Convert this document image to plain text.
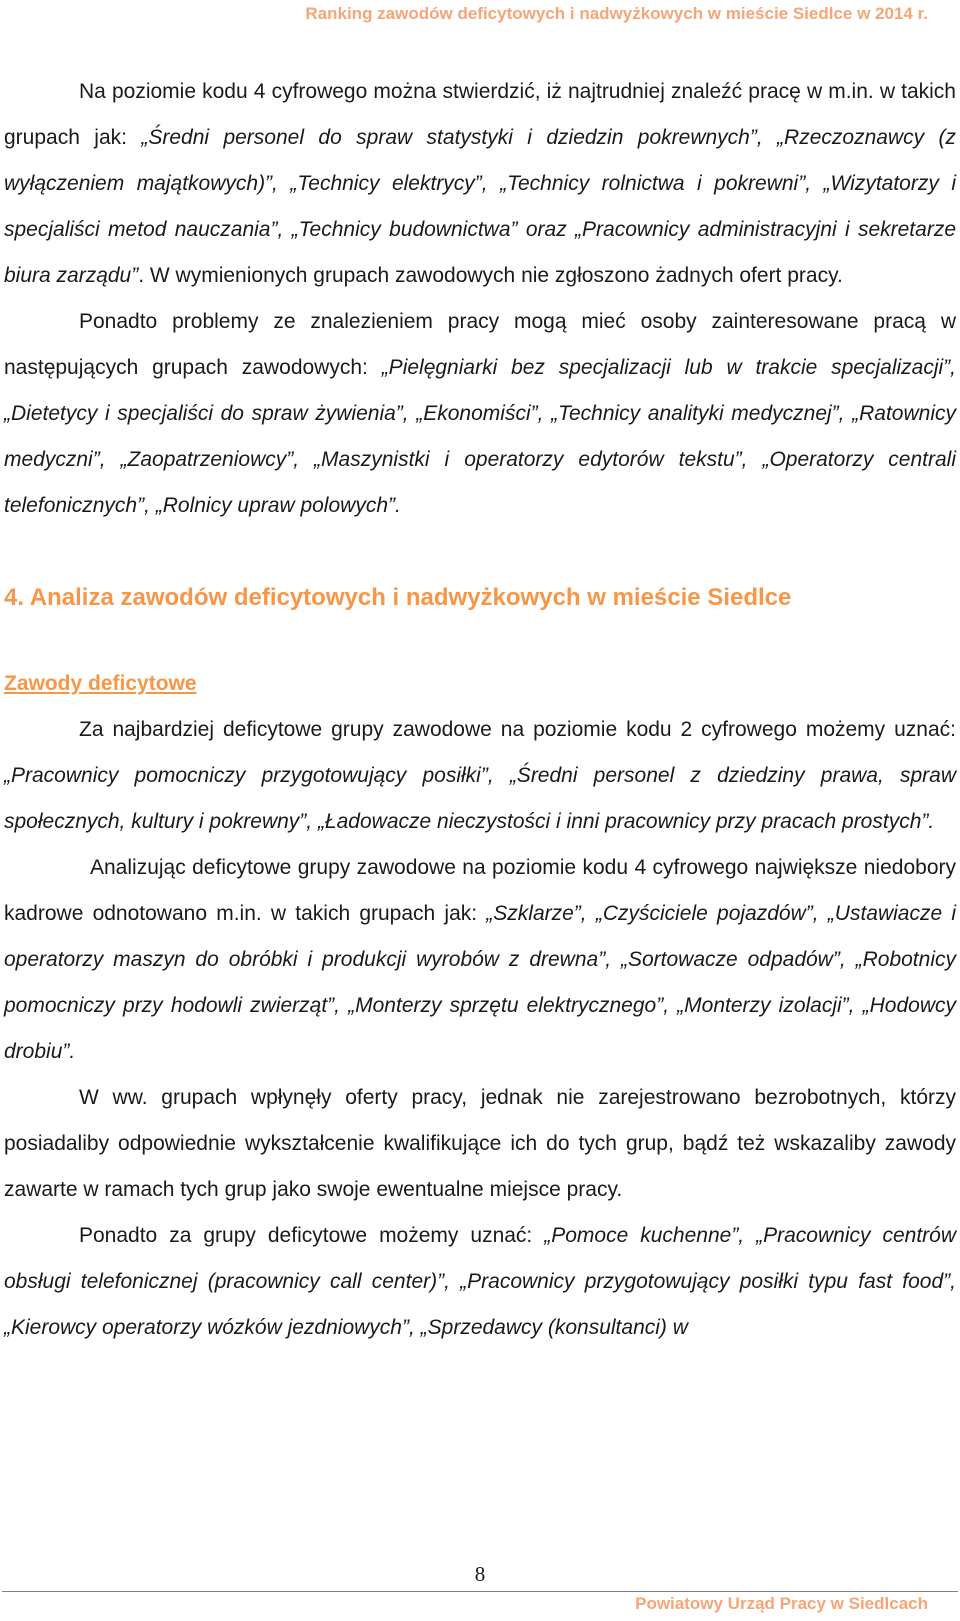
Ranking zawodów deficytowych i nadwyżkowych w mieście Siedlce w 2014 r.

Na poziomie kodu 4 cyfrowego można stwierdzić, iż najtrudniej znaleźć pracę w m.in. w takich grupach jak: „Średni personel do spraw statystyki i dziedzin pokrewnych”, „Rzeczoznawcy (z wyłączeniem majątkowych)”, „Technicy elektrycy”, „Technicy rolnictwa i pokrewni”, „Wizytatorzy i specjaliści metod nauczania”, „Technicy budownictwa” oraz „Pracownicy administracyjni i sekretarze biura zarządu”. W wymienionych grupach zawodowych nie zgłoszono żadnych ofert pracy.

Ponadto problemy ze znalezieniem pracy mogą mieć osoby zainteresowane pracą w następujących grupach zawodowych: „Pielęgniarki bez specjalizacji lub w trakcie specjalizacji”, „Dietetycy i specjaliści do spraw żywienia”, „Ekonomiści”, „Technicy analityki medycznej”, „Ratownicy medyczni”, „Zaopatrzeniowcy”, „Maszynistki i operatorzy edytorów tekstu”, „Operatorzy centrali telefonicznych”, „Rolnicy upraw polowych”.

4. Analiza zawodów deficytowych i nadwyżkowych w mieście Siedlce

Zawody deficytowe

Za najbardziej deficytowe grupy zawodowe na poziomie kodu 2 cyfrowego możemy uznać: „Pracownicy pomocniczy przygotowujący posiłki”, „Średni personel z dziedziny prawa, spraw społecznych, kultury i pokrewny”, „Ładowacze nieczystości i inni pracownicy przy pracach prostych”.

Analizując deficytowe grupy zawodowe na poziomie kodu 4 cyfrowego największe niedobory kadrowe odnotowano m.in. w takich grupach jak: „Szklarze”, „Czyściciele pojazdów”, „Ustawiacze i operatorzy maszyn do obróbki i produkcji wyrobów z drewna”, „Sortowacze odpadów”, „Robotnicy pomocniczy przy hodowli zwierząt”, „Monterzy sprzętu elektrycznego”, „Monterzy izolacji”, „Hodowcy drobiu”.

W ww. grupach wpłynęły oferty pracy, jednak nie zarejestrowano bezrobotnych, którzy posiadaliby odpowiednie wykształcenie kwalifikujące ich do tych grup, bądź też wskazaliby zawody zawarte w ramach tych grup jako swoje ewentualne miejsce pracy.

Ponadto za grupy deficytowe możemy uznać: „Pomoce kuchenne”, „Pracownicy centrów obsługi telefonicznej (pracownicy call center)”, „Pracownicy przygotowujący posiłki typu fast food”, „Kierowcy operatorzy wózków jezdniowych”, „Sprzedawcy (konsultanci) w

8
Powiatowy Urząd Pracy w Siedlcach
